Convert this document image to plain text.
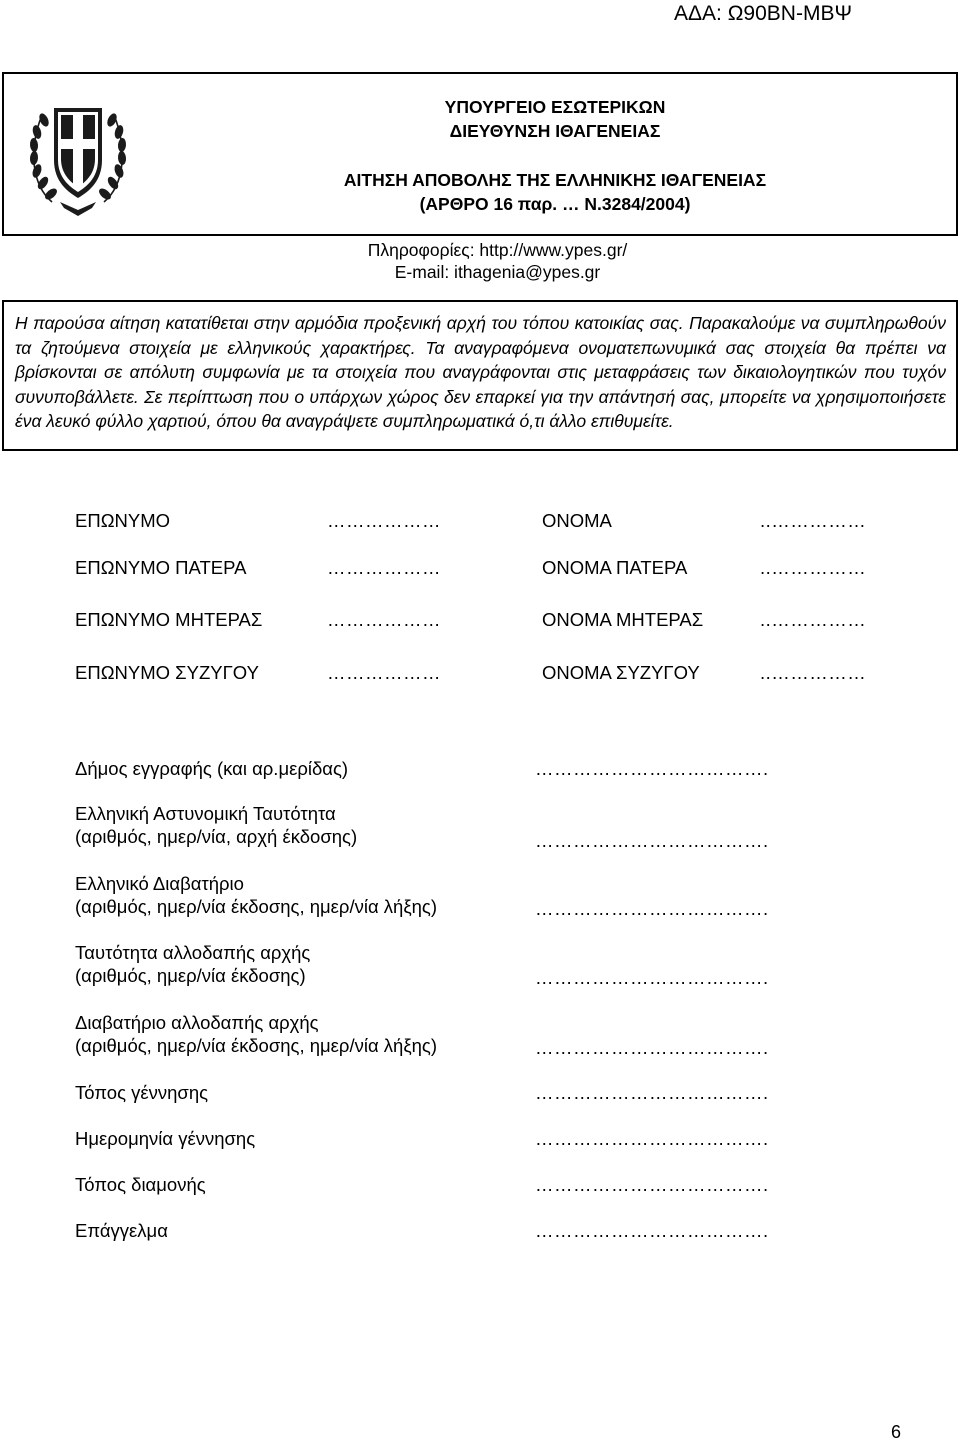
ΑΔΑ: Ω90ΒΝ-ΜΒΨ
ΥΠΟΥΡΓΕΙΟ ΕΣΩΤΕΡΙΚΩΝ
ΔΙΕΥΘΥΝΣΗ ΙΘΑΓΕΝΕΙΑΣ
ΑΙΤΗΣΗ ΑΠΟΒΟΛΗΣ ΤΗΣ ΕΛΛΗΝΙΚΗΣ ΙΘΑΓΕΝΕΙΑΣ
(ΑΡΘΡΟ 16 παρ. … Ν.3284/2004)
Πληροφορίες: http://www.ypes.gr/
E-mail: ithagenia@ypes.gr

Η παρούσα αίτηση κατατίθεται στην αρμόδια προξενική αρχή του τόπου κατοικίας σας. Παρακαλούμε να συμπληρωθούν τα ζητούμενα στοιχεία με ελληνικούς χαρακτήρες. Τα αναγραφόμενα ονοματεπωνυμικά σας στοιχεία θα πρέπει να βρίσκονται σε απόλυτη συμφωνία με τα στοιχεία που αναγράφονται στις μεταφράσεις των δικαιολογητικών που τυχόν συνυποβάλλετε. Σε περίπτωση που ο υπάρχων χώρος δεν επαρκεί για την απάντησή σας, μπορείτε να χρησιμοποιήσετε ένα λευκό φύλλο χαρτιού, όπου θα αναγράψετε συμπληρωματικά ό,τι άλλο επιθυμείτε.

ΕΠΩΝΥΜΟ	………………	ΟΝΟΜΑ	..……………
ΕΠΩΝΥΜΟ ΠΑΤΕΡΑ	………………	ΟΝΟΜΑ ΠΑΤΕΡΑ	..……………
ΕΠΩΝΥΜΟ ΜΗΤΕΡΑΣ	………………	ΟΝΟΜΑ ΜΗΤΕΡΑΣ	..……………
ΕΠΩΝΥΜΟ ΣΥΖΥΓΟΥ	………………	ΟΝΟΜΑ ΣΥΖΥΓΟΥ	..……………
Δήμος εγγραφής (και αρ.μερίδας)	……………………………….
Ελληνική Αστυνομική Ταυτότητα
(αριθμός, ημερ/νία, αρχή έκδοσης)	……………………………….
Ελληνικό Διαβατήριο
(αριθμός, ημερ/νία έκδοσης, ημερ/νία λήξης)	……………………………….
Ταυτότητα αλλοδαπής αρχής
(αριθμός, ημερ/νία έκδοσης)	……………………………….
Διαβατήριο αλλοδαπής αρχής
(αριθμός, ημερ/νία έκδοσης, ημερ/νία λήξης)	……………………………….
Τόπος γέννησης	……………………………….
Ημερομηνία γέννησης	……………………………….
Τόπος διαμονής	……………………………….
Επάγγελμα	……………………………….
6
